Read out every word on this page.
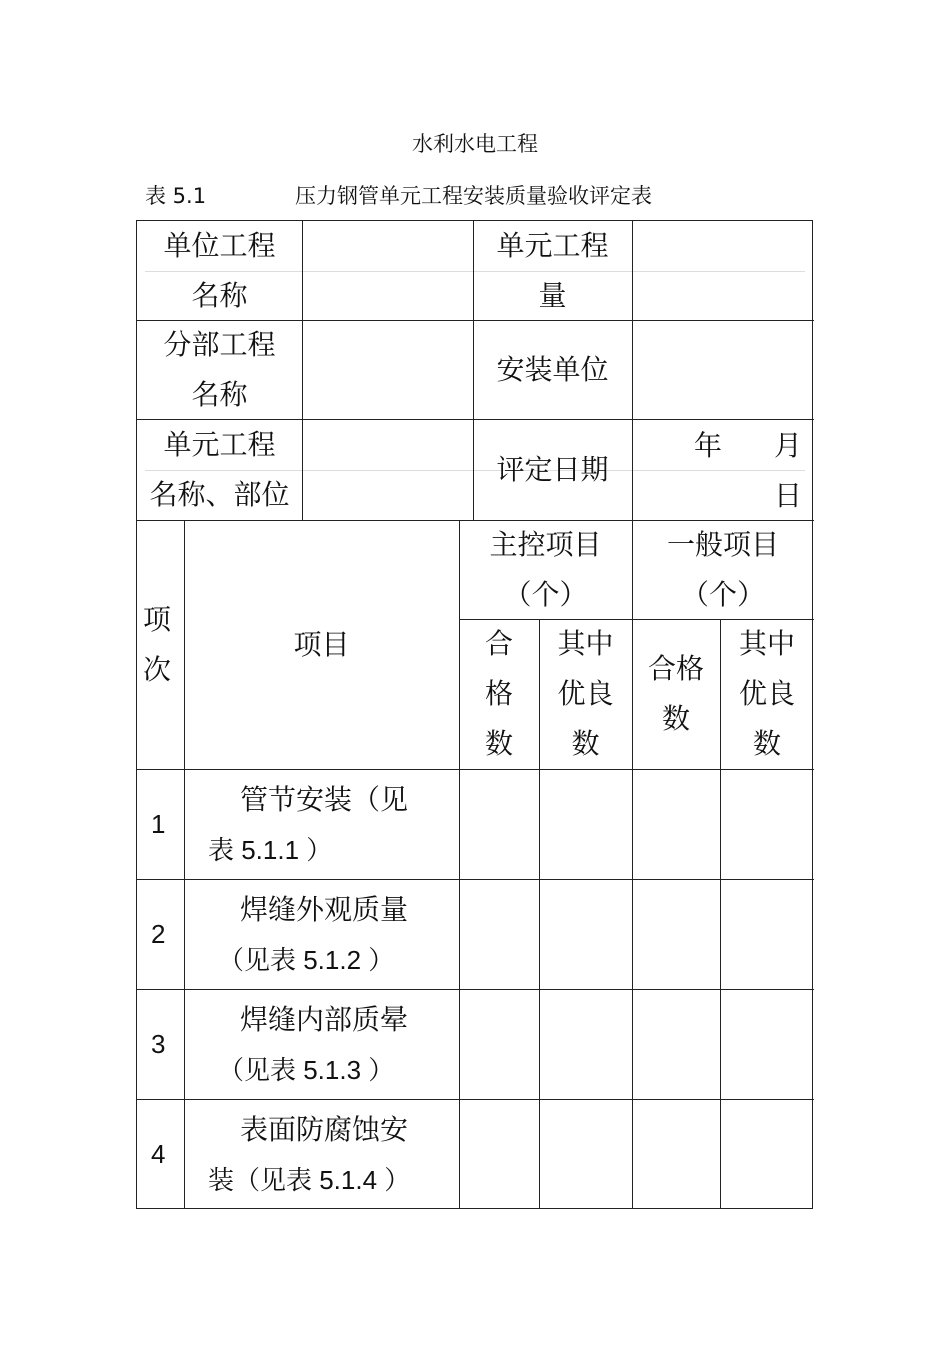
水利水电工程
表 5.1	压力钢管单元工程安装质量验收评定表
单位工程
名称
单元工程
量
分部工程
名称
安装单位
单元工程
名称、部位
评定日期
年 月
日
项
次
项目
主控项目
（个）
一般项目
（个）
合
格
数
其中
优良
数
合格
数
其中
优良
数
1
管节安装（见
表 5.1.1 ）
2
焊缝外观质量
（见表 5.1.2 ）
3
焊缝内部质晕
（见表 5.1.3 ）
4
表面防腐蚀安
装（见表 5.1.4 ）
